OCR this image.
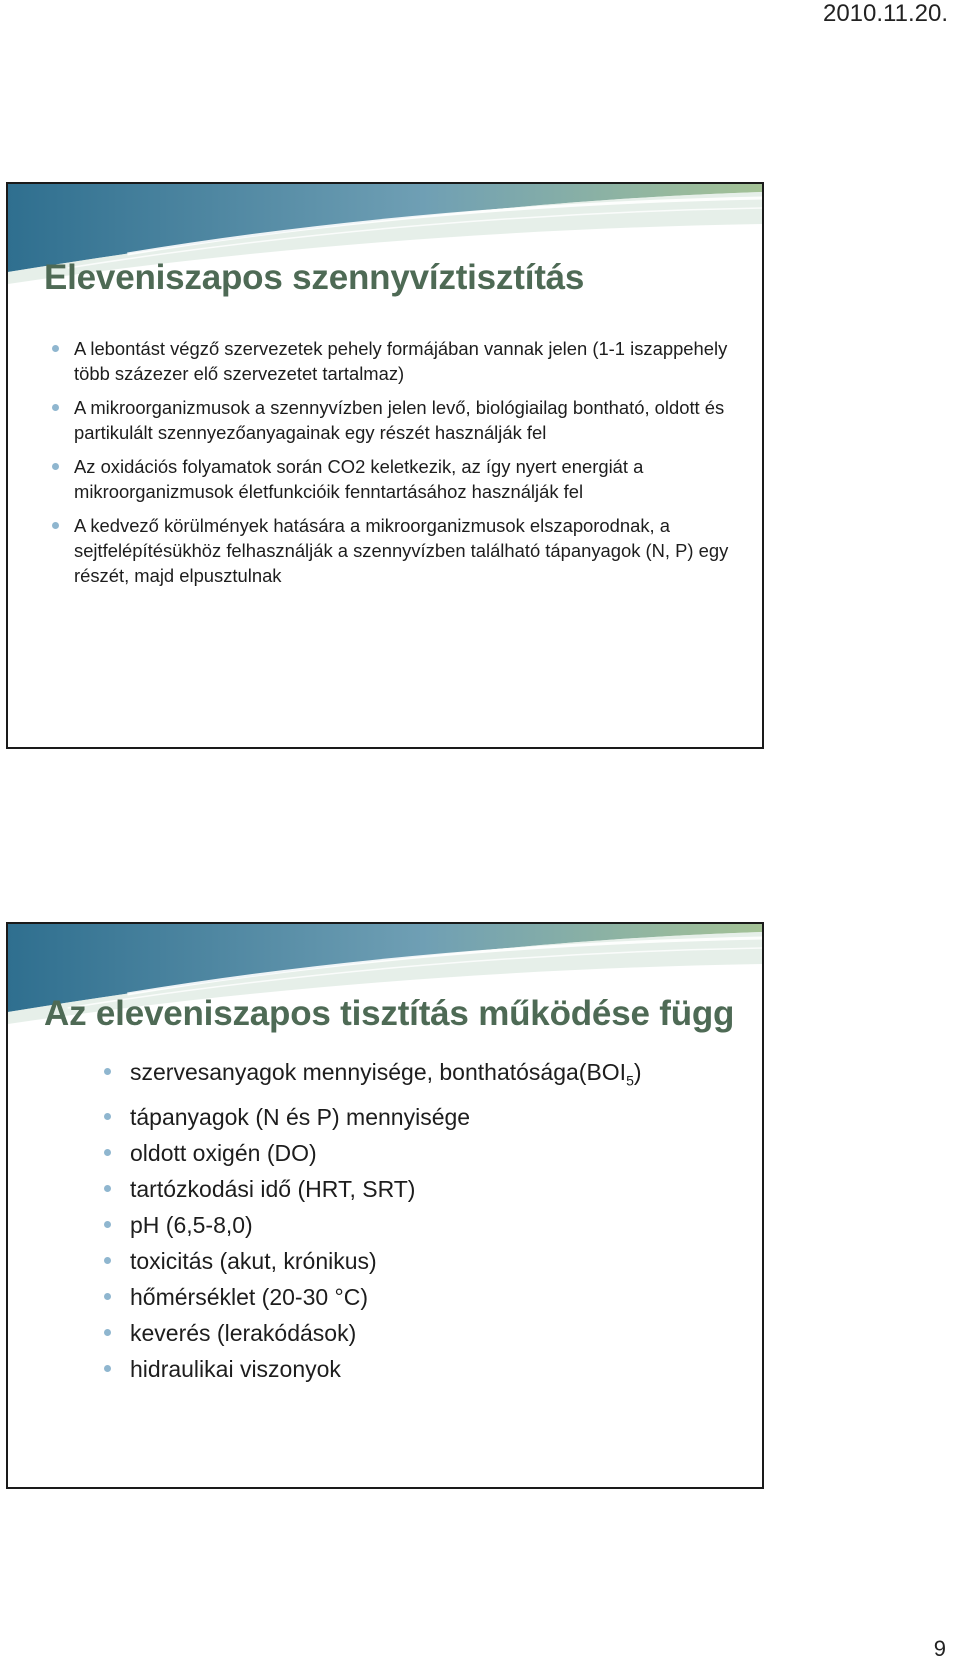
2010.11.20.
Eleveniszapos szennyvíztisztítás
A lebontást végző szervezetek pehely formájában vannak jelen (1-1 iszappehely több százezer elő szervezetet tartalmaz)
A mikroorganizmusok a szennyvízben jelen levő, biológiailag bontható, oldott és partikulált szennyezőanyagainak egy részét használják fel
Az oxidációs folyamatok során CO2 keletkezik, az így nyert energiát a mikroorganizmusok életfunkcióik fenntartásához használják fel
A kedvező körülmények hatására a mikroorganizmusok elszaporodnak, a sejtfelépítésükhöz felhasználják a szennyvízben található tápanyagok (N, P) egy részét, majd elpusztulnak
Az eleveniszapos tisztítás működése függ
szervesanyagok mennyisége, $bonthatósága(BOI_5)$
tápanyagok (N és P) mennyisége
oldott oxigén (DO)
tartózkodási idő (HRT, SRT)
pH (6,5-8,0)
toxicitás (akut, krónikus)
hőmérséklet (20-30 °C)
keverés (lerakódások)
hidraulikai viszonyok
9
